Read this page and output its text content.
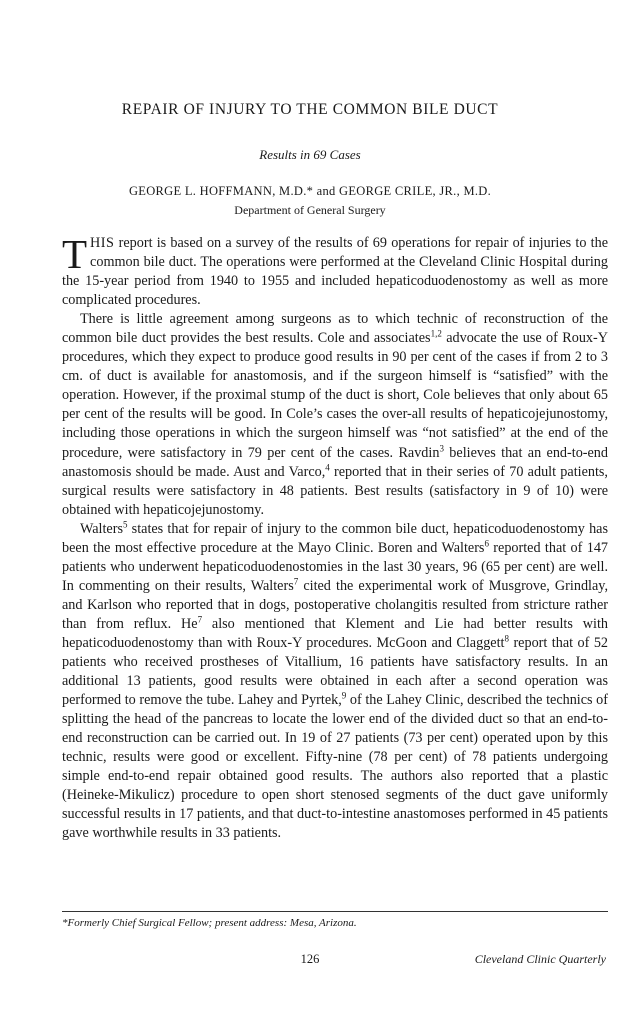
REPAIR OF INJURY TO THE COMMON BILE DUCT
Results in 69 Cases
GEORGE L. HOFFMANN, M.D.* and GEORGE CRILE, JR., M.D.
Department of General Surgery

THIS report is based on a survey of the results of 69 operations for repair of injuries to the common bile duct. The operations were performed at the Cleveland Clinic Hospital during the 15-year period from 1940 to 1955 and included hepaticoduodenostomy as well as more complicated procedures.

There is little agreement among surgeons as to which technic of reconstruction of the common bile duct provides the best results. Cole and associates$^{1,2}$ advocate the use of Roux-Y procedures, which they expect to produce good results in 90 per cent of the cases if from 2 to 3 cm. of duct is available for anastomosis, and if the surgeon himself is “satisfied” with the operation. However, if the proximal stump of the duct is short, Cole believes that only about 65 per cent of the results will be good. In Cole’s cases the over-all results of hepaticojejunostomy, including those operations in which the surgeon himself was “not satisfied” at the end of the procedure, were satisfactory in 79 per cent of the cases. Ravdin$^3$ believes that an end-to-end anastomosis should be made. Aust and Varco,$^4$ reported that in their series of 70 adult patients, surgical results were satisfactory in 48 patients. Best results (satisfactory in 9 of 10) were obtained with hepaticojejunostomy.

Walters$^5$ states that for repair of injury to the common bile duct, hepaticoduodenostomy has been the most effective procedure at the Mayo Clinic. Boren and Walters$^6$ reported that of 147 patients who underwent hepaticoduodenostomies in the last 30 years, 96 (65 per cent) are well. In commenting on their results, Walters$^7$ cited the experimental work of Musgrove, Grindlay, and Karlson who reported that in dogs, postoperative cholangitis resulted from stricture rather than from reflux. He$^7$ also mentioned that Klement and Lie had better results with hepaticoduodenostomy than with Roux-Y procedures. McGoon and Claggett$^8$ report that of 52 patients who received prostheses of Vitallium, 16 patients have satisfactory results. In an additional 13 patients, good results were obtained in each after a second operation was performed to remove the tube. Lahey and Pyrtek,$^9$ of the Lahey Clinic, described the technics of splitting the head of the pancreas to locate the lower end of the divided duct so that an end-to-end reconstruction can be carried out. In 19 of 27 patients (73 per cent) operated upon by this technic, results were good or excellent. Fifty-nine (78 per cent) of 78 patients undergoing simple end-to-end repair obtained good results. The authors also reported that a plastic (Heineke-Mikulicz) procedure to open short stenosed segments of the duct gave uniformly successful results in 17 patients, and that duct-to-intestine anastomoses performed in 45 patients gave worthwhile results in 33 patients.

*Formerly Chief Surgical Fellow; present address: Mesa, Arizona.
126	Cleveland Clinic Quarterly
